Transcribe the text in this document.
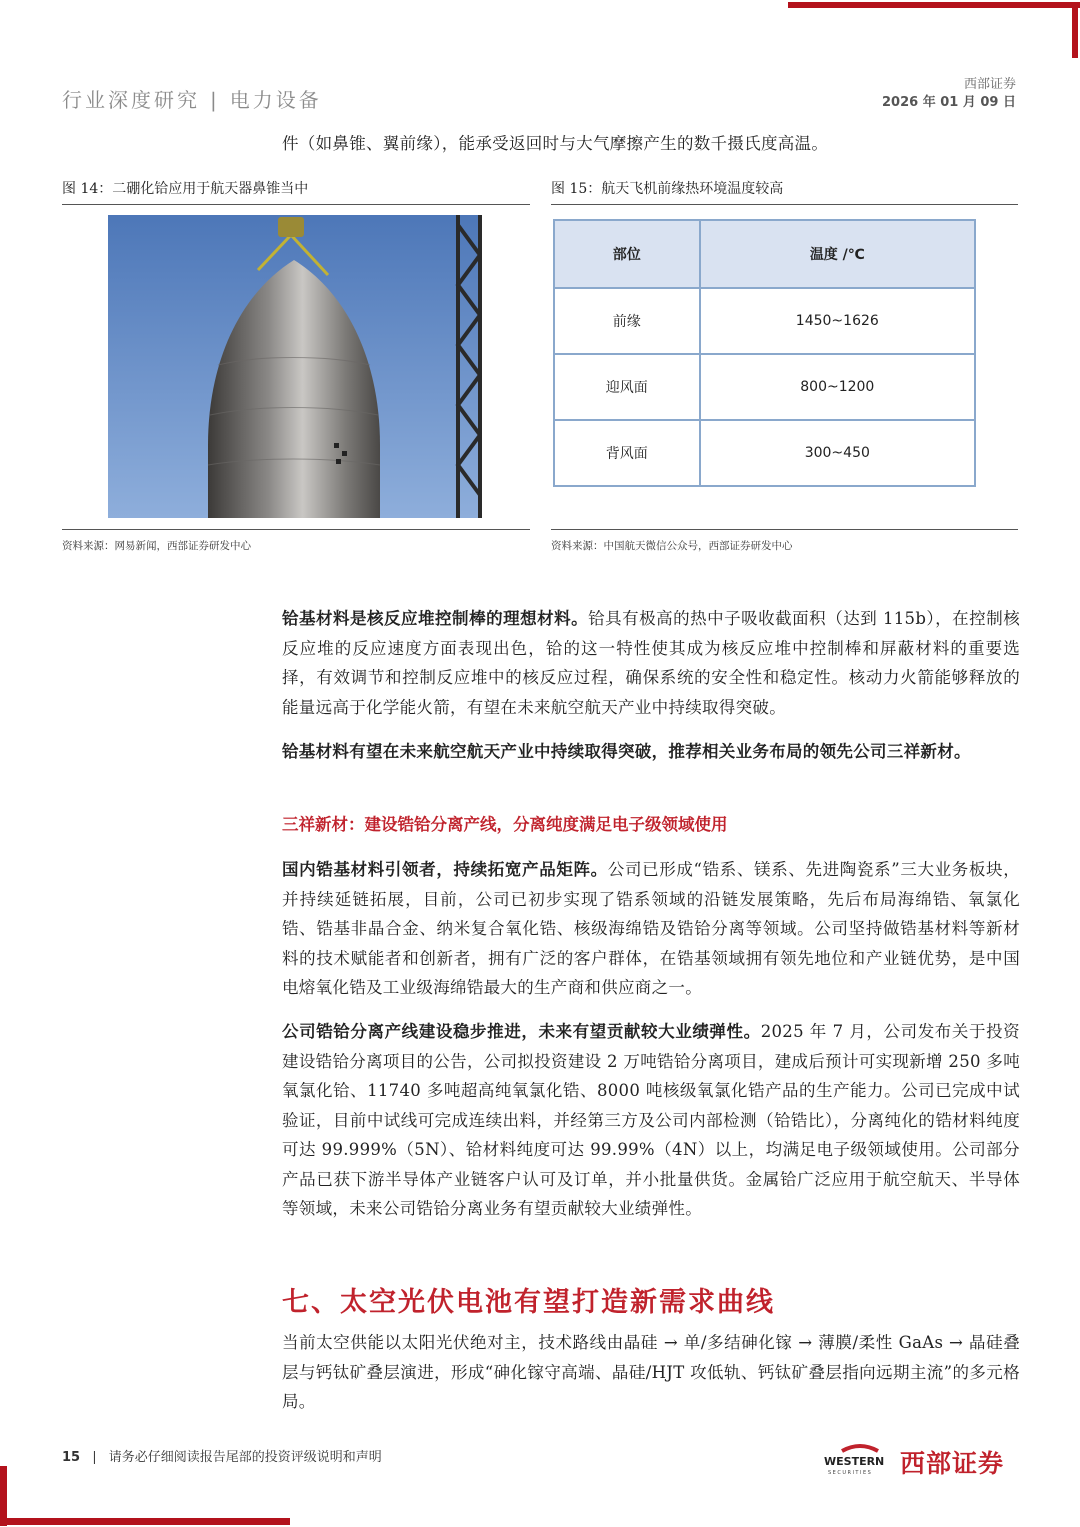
行业深度研究 | 电力设备
西部证券
2026 年 01 月 09 日
件（如鼻锥、翼前缘），能承受返回时与大气摩擦产生的数千摄氏度高温。
图 14：二硼化铪应用于航天器鼻锥当中
资料来源：网易新闻，西部证券研发中心
图 15：航天飞机前缘热环境温度较高
部位	温度 /℃
前缘	1450~1626
迎风面	800~1200
背风面	300~450
资料来源：中国航天微信公众号，西部证券研发中心
铪基材料是核反应堆控制棒的理想材料。铪具有极高的热中子吸收截面积（达到 115b），在控制核反应堆的反应速度方面表现出色，铪的这一特性使其成为核反应堆中控制棒和屏蔽材料的重要选择，有效调节和控制反应堆中的核反应过程，确保系统的安全性和稳定性。核动力火箭能够释放的能量远高于化学能火箭，有望在未来航空航天产业中持续取得突破。
铪基材料有望在未来航空航天产业中持续取得突破，推荐相关业务布局的领先公司三祥新材。
三祥新材：建设锆铪分离产线，分离纯度满足电子级领域使用
国内锆基材料引领者，持续拓宽产品矩阵。公司已形成“锆系、镁系、先进陶瓷系”三大业务板块，并持续延链拓展，目前，公司已初步实现了锆系领域的沿链发展策略，先后布局海绵锆、氧氯化锆、锆基非晶合金、纳米复合氧化锆、核级海绵锆及锆铪分离等领域。公司坚持做锆基材料等新材料的技术赋能者和创新者，拥有广泛的客户群体，在锆基领域拥有领先地位和产业链优势，是中国电熔氧化锆及工业级海绵锆最大的生产商和供应商之一。
公司锆铪分离产线建设稳步推进，未来有望贡献较大业绩弹性。2025 年 7 月，公司发布关于投资建设锆铪分离项目的公告，公司拟投资建设 2 万吨锆铪分离项目，建成后预计可实现新增 250 多吨氧氯化铪、11740 多吨超高纯氧氯化锆、8000 吨核级氧氯化锆产品的生产能力。公司已完成中试验证，目前中试线可完成连续出料，并经第三方及公司内部检测（铪锆比），分离纯化的锆材料纯度可达 99.999%（5N）、铪材料纯度可达 99.99%（4N）以上，均满足电子级领域使用。公司部分产品已获下游半导体产业链客户认可及订单，并小批量供货。金属铪广泛应用于航空航天、半导体等领域，未来公司锆铪分离业务有望贡献较大业绩弹性。
七、太空光伏电池有望打造新需求曲线
当前太空供能以太阳光伏绝对主，技术路线由晶硅 → 单/多结砷化镓 → 薄膜/柔性 GaAs → 晶硅叠层与钙钛矿叠层演进，形成“砷化镓守高端、晶硅/HJT 攻低轨、钙钛矿叠层指向远期主流”的多元格局。
15 | 请务必仔细阅读报告尾部的投资评级说明和声明	WESTERN
SECURITIES 西部证券
